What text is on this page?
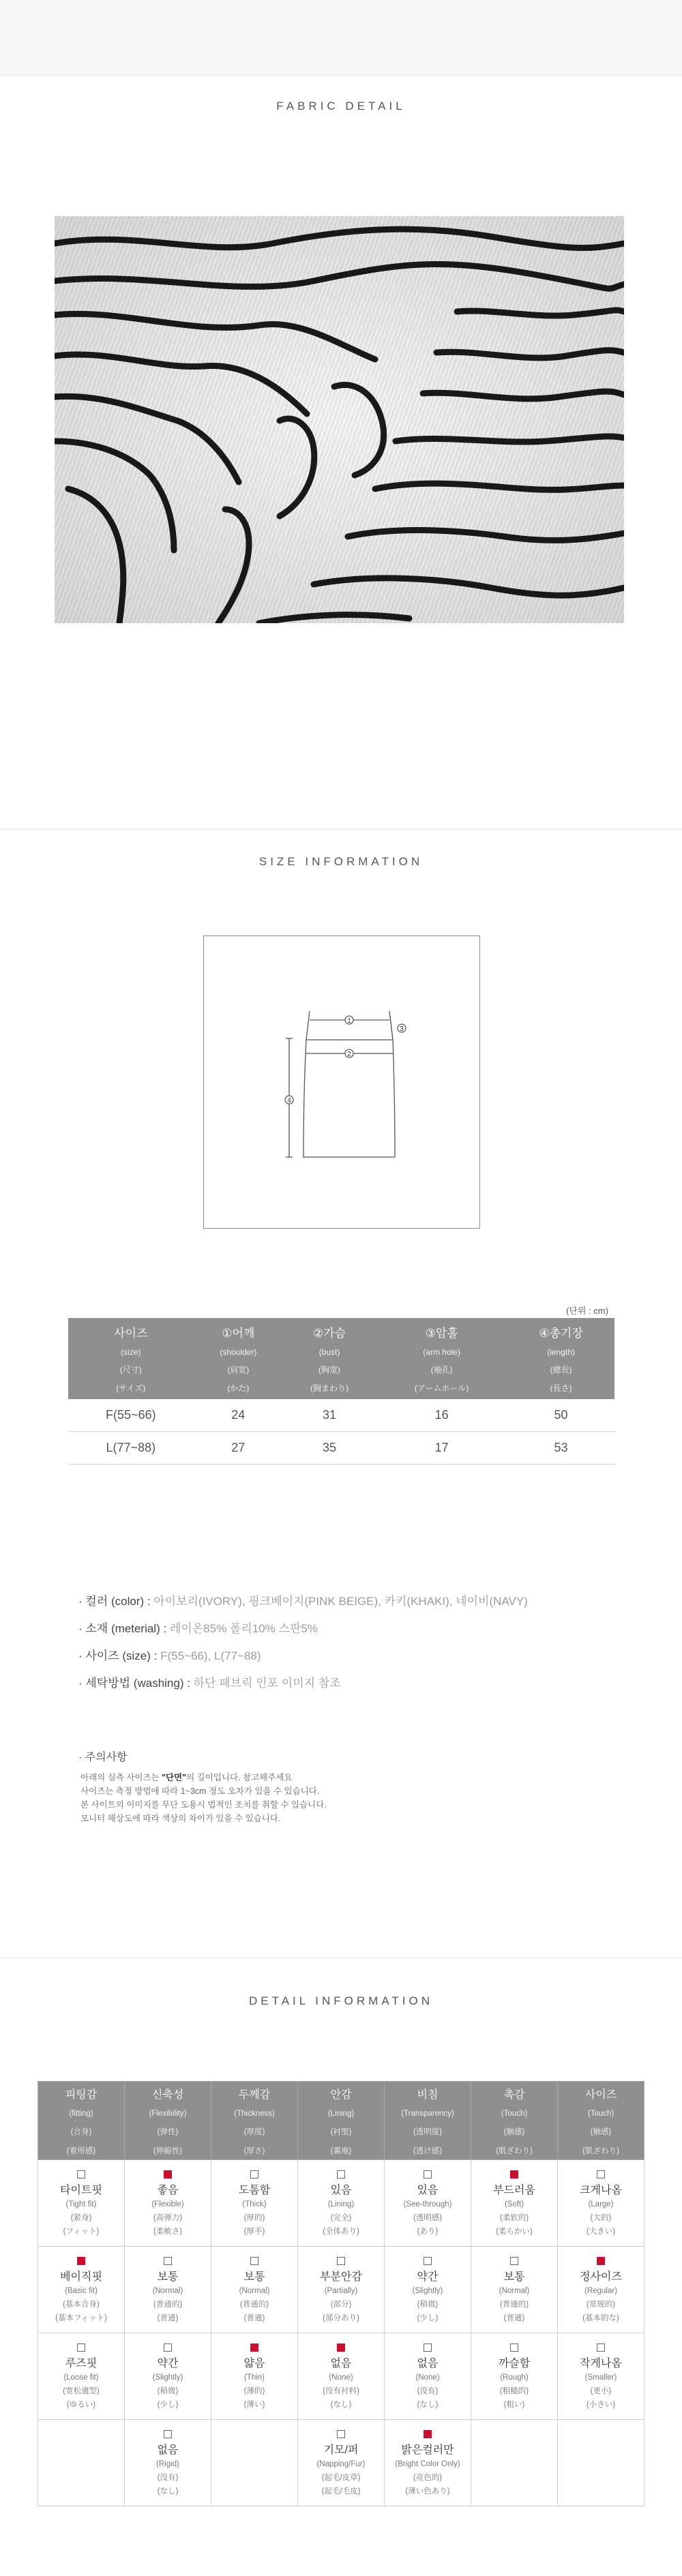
FABRIC DETAIL
SIZE INFORMATION
1
2
3
4
(단위 : cm)
사이즈
(size)
(尺寸)
(サイズ)	①어깨
(shoulder)
(肩宽)
(かた)	②가슴
(bust)
(胸宽)
(胸まわり)	③암홀
(arm hole)
(袖孔)
(アームホール)	④총기장
(length)
(總長)
(長さ)

F(55~66)	24	31	16	50
L(77~88)	27	35	17	53
· 컬러 (color) : 아이보리(IVORY), 핑크베이지(PINK BEIGE), 카키(KHAKI), 네이비(NAVY)
· 소재 (meterial) : 레이온85% 폴리10% 스판5%
· 사이즈 (size) : F(55~66), L(77~88)
· 세탁방법 (washing) : 하단 패브릭 인포 이미지 참조
· 주의사항
아래의 실측 사이즈는 "단면"의 길이입니다. 참고해주세요
사이즈는 측정 방법에 따라 1~3cm 정도 오차가 있을 수 있습니다.
본 사이트의 이미지를 무단 도용시 법적인 조치를 취할 수 있습니다.
모니터 해상도에 따라 색상의 차이가 있을 수 있습니다.
DETAIL INFORMATION
피팅감
(fitting)
(合身)
(着用感)	신축성
(Flexibility)
(弹性)
(伸縮性)	두께감
(Thickness)
(厚度)
(厚さ)	안감
(Lining)
(衬里)
(裏地)	비침
(Transparency)
(透明度)
(透け感)	촉감
(Touch)
(触感)
(肌ざわり)	사이즈
(Touch)
(触感)
(肌ざわり)

타이트핏
(Tight fit)
(紧身)
(フィット)	좋음
(Flexible)
(高弹力)
(柔軟さ)	도톰함
(Thick)
(厚的)
(厚手)	있음
(Lining)
(完全)
(全体あり)	있음
(See-through)
(透明感)
(あり)	부드러움
(Soft)
(柔软的)
(柔らかい)	크게나옴
(Large)
(大的)
(大きい)

베이직핏
(Basic fit)
(基本合身)
(基本フィット)	보통
(Normal)
(普通的)
(普通)	보통
(Normal)
(普通的)
(普通)	부분안감
(Partially)
(部分)
(部分あり)	약간
(Slightly)
(稍微)
(少し)	보통
(Normal)
(普通的)
(普通)	정사이즈
(Regular)
(常规的)
(基本的な)

루즈핏
(Loose fit)
(宽松適型)
(ゆるい)	약간
(Slightly)
(稍微)
(少し)	얇음
(Thin)
(薄的)
(薄い)	없음
(None)
(没有衬料)
(なし)	없음
(None)
(没有)
(なし)	까슬함
(Rough)
(粗糙的)
(粗い)	작게나옴
(Smaller)
(更小)
(小さい)

	없음
(Rigid)
(没有)
(なし)		기모/퍼
(Napping/Fur)
(起毛/皮草)
(起毛/毛皮)	밝은컬러만
(Bright Color Only)
(亮色的)
(薄い色あり)		
